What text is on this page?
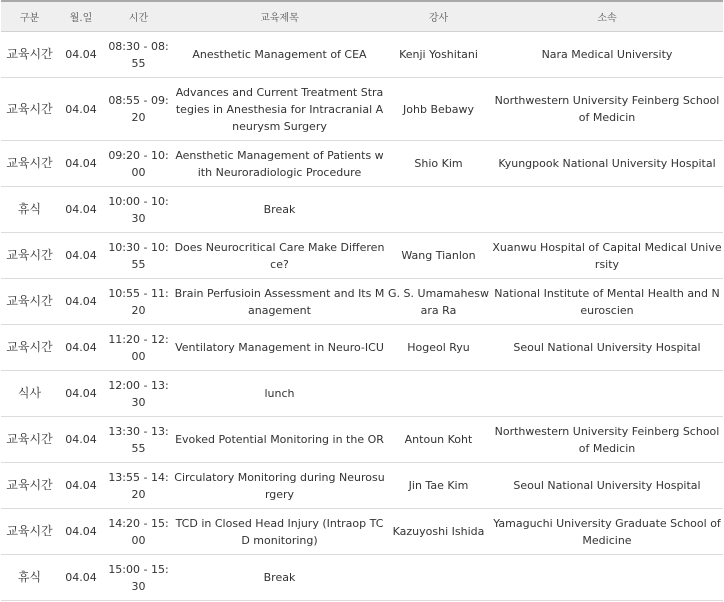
구분	월.일	시간	교육제목	강사	소속
교육시간	04.04	08:30 - 08:55	Anesthetic Management of CEA	Kenji Yoshitani	Nara Medical University
교육시간	04.04	08:55 - 09:20	Advances and Current Treatment Strategies in Anesthesia for Intracranial Aneurysm Surgery	Johb Bebawy	Northwestern University Feinberg School of Medicin
교육시간	04.04	09:20 - 10:00	Aensthetic Management of Patients with Neuroradiologic Procedure	Shio Kim	Kyungpook National University Hospital
휴식	04.04	10:00 - 10:30	Break		
교육시간	04.04	10:30 - 10:55	Does Neurocritical Care Make Difference?	Wang Tianlon	Xuanwu Hospital of Capital Medical University
교육시간	04.04	10:55 - 11:20	Brain Perfusioin Assessment and Its Management	G. S. Umamaheswara Ra	National Institute of Mental Health and Neuroscien
교육시간	04.04	11:20 - 12:00	Ventilatory Management in Neuro-ICU	Hogeol Ryu	Seoul National University Hospital
식사	04.04	12:00 - 13:30	lunch		
교육시간	04.04	13:30 - 13:55	Evoked Potential Monitoring in the OR	Antoun Koht	Northwestern University Feinberg School of Medicin
교육시간	04.04	13:55 - 14:20	Circulatory Monitoring during Neurosurgery	Jin Tae Kim	Seoul National University Hospital
교육시간	04.04	14:20 - 15:00	TCD in Closed Head Injury (Intraop TCD monitoring)	Kazuyoshi Ishida	Yamaguchi University Graduate School of Medicine
휴식	04.04	15:00 - 15:30	Break		
